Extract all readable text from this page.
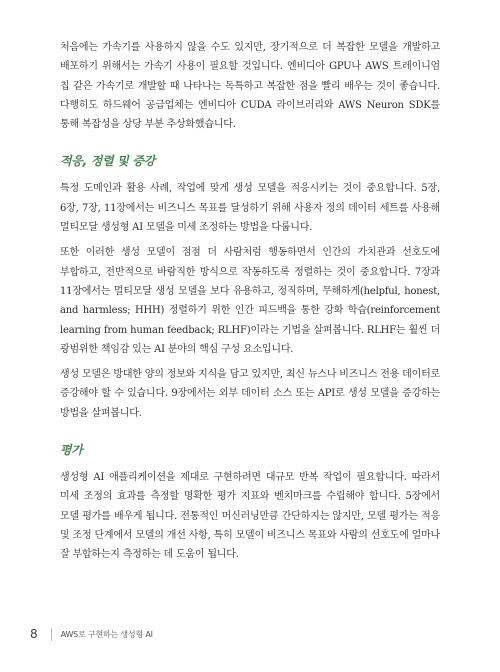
처음에는 가속기를 사용하지 않을 수도 있지만, 장기적으로 더 복잡한 모델을 개발하고 배포하기 위해서는 가속기 사용이 필요할 것입니다. 엔비디아 GPU나 AWS 트레이니엄 칩 같은 가속기로 개발할 때 나타나는 독특하고 복잡한 점을 빨리 배우는 것이 좋습니다. 다행히도 하드웨어 공급업체는 엔비디아 CUDA 라이브러리와 AWS Neuron SDK를 통해 복잡성을 상당 부분 추상화했습니다.

적응, 정렬 및 증강

특정 도메인과 활용 사례, 작업에 맞게 생성 모델을 적응시키는 것이 중요합니다. 5장, 6장, 7장, 11장에서는 비즈니스 목표를 달성하기 위해 사용자 정의 데이터 세트를 사용해 멀티모달 생성형 AI 모델을 미세 조정하는 방법을 다룹니다.

또한 이러한 생성 모델이 점점 더 사람처럼 행동하면서 인간의 가치관과 선호도에 부합하고, 전반적으로 바람직한 방식으로 작동하도록 정렬하는 것이 중요합니다. 7장과 11장에서는 멀티모달 생성 모델을 보다 유용하고, 정직하며, 무해하게(helpful, honest, and harmless; HHH) 정렬하기 위한 인간 피드백을 통한 강화 학습(reinforcement learning from human feedback; RLHF)이라는 기법을 살펴봅니다. RLHF는 훨씬 더 광범위한 책임감 있는 AI 분야의 핵심 구성 요소입니다.

생성 모델은 방대한 양의 정보와 지식을 담고 있지만, 최신 뉴스나 비즈니스 전용 데이터로 증강해야 할 수 있습니다. 9장에서는 외부 데이터 소스 또는 API로 생성 모델을 증강하는 방법을 살펴봅니다.

평가

생성형 AI 애플리케이션을 제대로 구현하려면 대규모 반복 작업이 필요합니다. 따라서 미세 조정의 효과를 측정할 명확한 평가 지표와 벤치마크를 수립해야 합니다. 5장에서 모델 평가를 배우게 됩니다. 전통적인 머신러닝만큼 간단하지는 않지만, 모델 평가는 적응 및 조정 단계에서 모델의 개선 사항, 특히 모델이 비즈니스 목표와 사람의 선호도에 얼마나 잘 부합하는지 측정하는 데 도움이 됩니다.

8	AWS로 구현하는 생성형 AI
